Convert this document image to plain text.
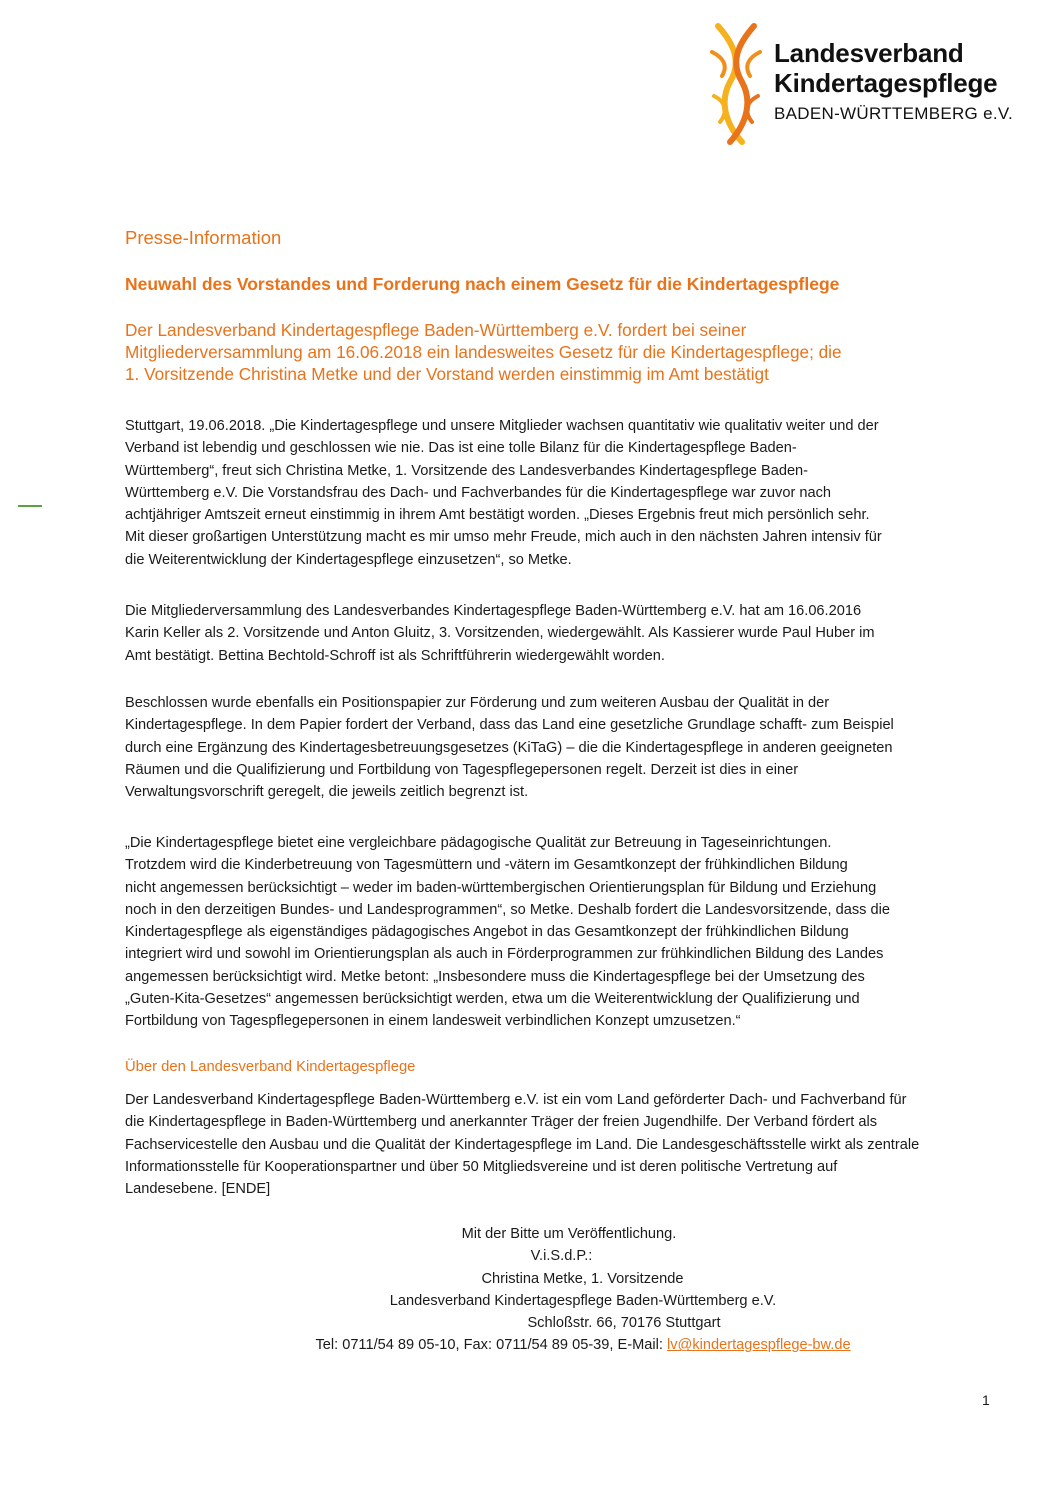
Landesverband
Kindertagespflege
BADEN-WÜRTTEMBERG e.V.
Presse-Information
Neuwahl des Vorstandes und Forderung nach einem Gesetz für die Kindertagespflege
Der Landesverband Kindertagespflege Baden-Württemberg e.V. fordert bei seiner
Mitgliederversammlung am 16.06.2018 ein landesweites Gesetz für die Kindertagespflege; die
1. Vorsitzende Christina Metke und der Vorstand werden einstimmig im Amt bestätigt
Stuttgart, 19.06.2018. „Die Kindertagespflege und unsere Mitglieder wachsen quantitativ wie qualitativ weiter und der
Verband ist lebendig und geschlossen wie nie. Das ist eine tolle Bilanz für die Kindertagespflege Baden-
Württemberg“, freut sich Christina Metke, 1. Vorsitzende des Landesverbandes Kindertagespflege Baden-
Württemberg e.V. Die Vorstandsfrau des Dach- und Fachverbandes für die Kindertagespflege war zuvor nach
achtjähriger Amtszeit erneut einstimmig in ihrem Amt bestätigt worden. „Dieses Ergebnis freut mich persönlich sehr.
Mit dieser großartigen Unterstützung macht es mir umso mehr Freude, mich auch in den nächsten Jahren intensiv für
die Weiterentwicklung der Kindertagespflege einzusetzen“, so Metke.
Die Mitgliederversammlung des Landesverbandes Kindertagespflege Baden-Württemberg e.V. hat am 16.06.2016
Karin Keller als 2. Vorsitzende und Anton Gluitz, 3. Vorsitzenden, wiedergewählt. Als Kassierer wurde Paul Huber im
Amt bestätigt. Bettina Bechtold-Schroff ist als Schriftführerin wiedergewählt worden.
Beschlossen wurde ebenfalls ein Positionspapier zur Förderung und zum weiteren Ausbau der Qualität in der
Kindertagespflege. In dem Papier fordert der Verband, dass das Land eine gesetzliche Grundlage schafft- zum Beispiel
durch eine Ergänzung des Kindertagesbetreuungsgesetzes (KiTaG) – die die Kindertagespflege in anderen geeigneten
Räumen und die Qualifizierung und Fortbildung von Tagespflegepersonen regelt. Derzeit ist dies in einer
Verwaltungsvorschrift geregelt, die jeweils zeitlich begrenzt ist.
„Die Kindertagespflege bietet eine vergleichbare pädagogische Qualität zur Betreuung in Tageseinrichtungen.
Trotzdem wird die Kinderbetreuung von Tagesmüttern und -vätern im Gesamtkonzept der frühkindlichen Bildung
nicht angemessen berücksichtigt – weder im baden-württembergischen Orientierungsplan für Bildung und Erziehung
noch in den derzeitigen Bundes- und Landesprogrammen“, so Metke. Deshalb fordert die Landesvorsitzende, dass die
Kindertagespflege als eigenständiges pädagogisches Angebot in das Gesamtkonzept der frühkindlichen Bildung
integriert wird und sowohl im Orientierungsplan als auch in Förderprogrammen zur frühkindlichen Bildung des Landes
angemessen berücksichtigt wird. Metke betont: „Insbesondere muss die Kindertagespflege bei der Umsetzung des
„Guten-Kita-Gesetzes“ angemessen berücksichtigt werden, etwa um die Weiterentwicklung der Qualifizierung und
Fortbildung von Tagespflegepersonen in einem landesweit verbindlichen Konzept umzusetzen.“
Über den Landesverband Kindertagespflege
Der Landesverband Kindertagespflege Baden-Württemberg e.V. ist ein vom Land geförderter Dach- und Fachverband für
die Kindertagespflege in Baden-Württemberg und anerkannter Träger der freien Jugendhilfe. Der Verband fördert als
Fachservicestelle den Ausbau und die Qualität der Kindertagespflege im Land. Die Landesgeschäftsstelle wirkt als zentrale
Informationsstelle für Kooperationspartner und über 50 Mitgliedsvereine und ist deren politische Vertretung auf
Landesebene. [ENDE]
Mit der Bitte um Veröffentlichung.
V.i.S.d.P.:
Christina Metke, 1. Vorsitzende
Landesverband Kindertagespflege Baden-Württemberg e.V.
Schloßstr. 66, 70176 Stuttgart
Tel: 0711/54 89 05-10, Fax: 0711/54 89 05-39, E-Mail: lv@kindertagespflege-bw.de
1
